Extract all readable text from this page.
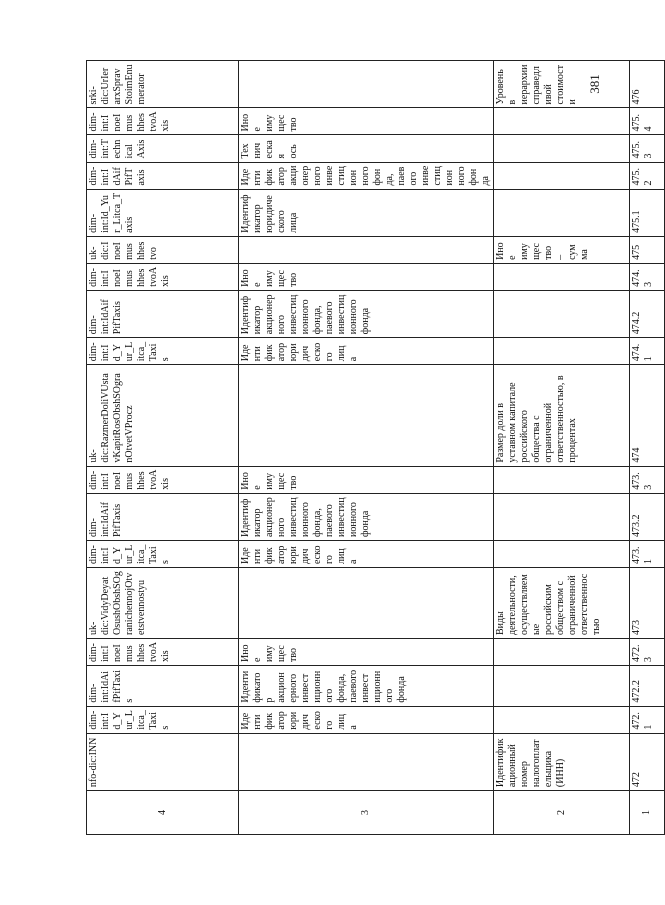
381
4	nfo-dic:INN	dim-int:Id_Yur_Litca_Taxis	dim-int:IdAifPifTaxis	dim-int:InoeImushhestvoAxis	uk-dic:VidyDeyatOsushObshSOgranichennojOtvetstvennostyu	dim-int:Id_Yur_Litca_Taxis	dim-int:IdAifPifTaxis	dim-int:InoeImushhestvoAxis	uk-dic:RazmerDoliVUstavKapitRosObshSOgranOtvetVProcz	dim-int:Id_Yur_Litca_Taxis	dim-int:IdAifPifTaxis	dim-int:InoeImushhestvoAxis	uk-dic:InoeImushhestvo	dim-int:Id_Yur_Litca_Taxis	dim-int:IdAifPifTaxis	dim-int:TechnicalAxis	dim-int:InoeImushhestvoAxis	srki-dic:UrIerarxSpravStoimEnumerator
3		Идентификатор юридического лица	Идентификатор акционерного инвестиционного фонда, паевого инвестиционного фонда	Иное имущество		Идентификатор юридического лица	Идентификатор акционерного инвестиционного фонда, паевого инвестиционного фонда	Иное имущество		Идентификатор юридического лица	Идентификатор акционерного инвестиционного фонда, паевого инвестиционного фонда	Иное имущество		Идентификатор юридического лица	Идентификатор акционерного инвестиционного фонда, паевого инвестиционного фонда	Техническая ось	Иное имущество	
2	Идентификационный номер налогоплательщика (ИНН)				Виды деятельности, осуществляемые российским обществом с ограниченной ответственностью				Размер доли в уставном капитале российского общества с ограниченной ответственностью, в процентах				Иное имущество – сумма					Уровень в иерархии справедливой стоимости
1	472	472.1	472.2	472.3	473	473.1	473.2	473.3	474	474.1	474.2	474.3	475	475.1	475.2	475.3	475.4	476
